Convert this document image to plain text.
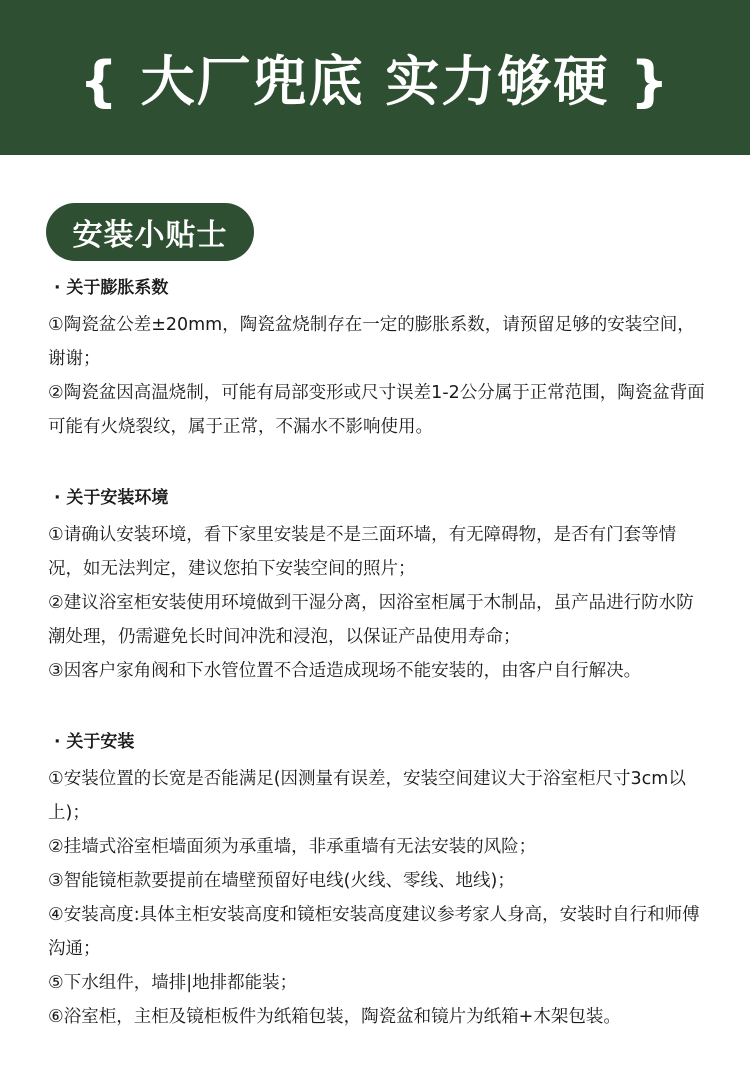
{ 大厂兜底 实力够硬 }
安装小贴士
· 关于膨胀系数

①陶瓷盆公差±20mm，陶瓷盆烧制存在一定的膨胀系数，请预留足够的安装空间，谢谢；

②陶瓷盆因高温烧制，可能有局部变形或尺寸误差1-2公分属于正常范围，陶瓷盆背面可能有火烧裂纹，属于正常，不漏水不影响使用。

· 关于安装环境

①请确认安装环境，看下家里安装是不是三面环墙，有无障碍物，是否有门套等情况，如无法判定，建议您拍下安装空间的照片；

②建议浴室柜安装使用环境做到干湿分离，因浴室柜属于木制品，虽产品进行防水防潮处理，仍需避免长时间冲洗和浸泡，以保证产品使用寿命；

③因客户家角阀和下水管位置不合适造成现场不能安装的，由客户自行解决。

· 关于安装

①安装位置的长宽是否能满足(因测量有误差，安装空间建议大于浴室柜尺寸3cm以上)；

②挂墙式浴室柜墙面须为承重墙，非承重墙有无法安装的风险；

③智能镜柜款要提前在墙壁预留好电线(火线、零线、地线)；

④安装高度:具体主柜安装高度和镜柜安装高度建议参考家人身高，安装时自行和师傅沟通；

⑤下水组件，墙排|地排都能装；

⑥浴室柜，主柜及镜柜板件为纸箱包装，陶瓷盆和镜片为纸箱+木架包装。
